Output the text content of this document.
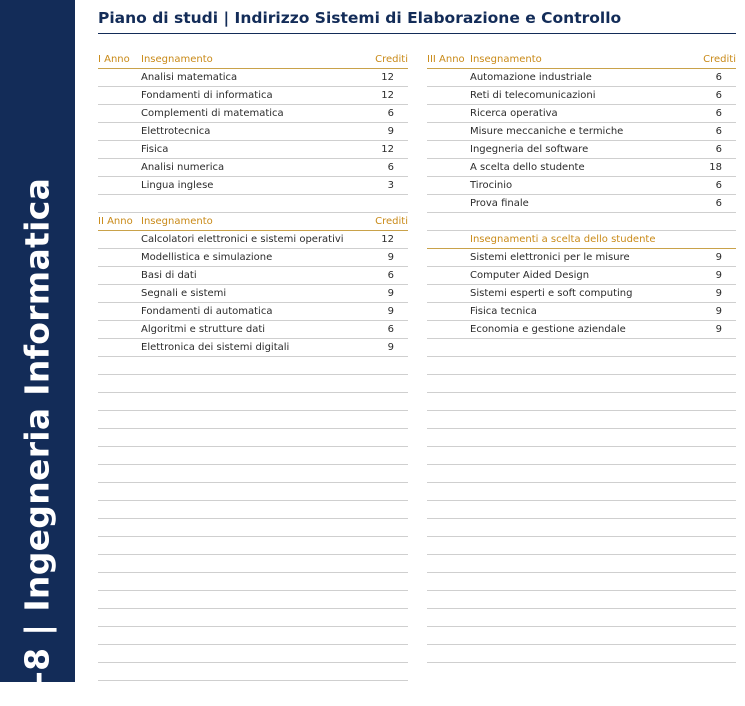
L-8 | Ingegneria Informatica
Piano di studi | Indirizzo Sistemi di Elaborazione e Controllo
I Anno Insegnamento	Crediti
Analisi matematica	12
Fondamenti di informatica	12
Complementi di matematica	6
Elettrotecnica	9
Fisica	12
Analisi numerica	6
Lingua inglese	3
II Anno Insegnamento	Crediti
Calcolatori elettronici e sistemi operativi	12
Modellistica e simulazione	9
Basi di dati	6
Segnali e sistemi	9
Fondamenti di automatica	9
Algoritmi e strutture dati	6
Elettronica dei sistemi digitali	9
III Anno Insegnamento	Crediti
Automazione industriale	6
Reti di telecomunicazioni	6
Ricerca operativa	6
Misure meccaniche e termiche	6
Ingegneria del software	6
A scelta dello studente	18
Tirocinio	6
Prova finale	6
Insegnamenti a scelta dello studente
Sistemi elettronici per le misure	9
Computer Aided Design	9
Sistemi esperti e soft computing	9
Fisica tecnica	9
Economia e gestione aziendale	9
